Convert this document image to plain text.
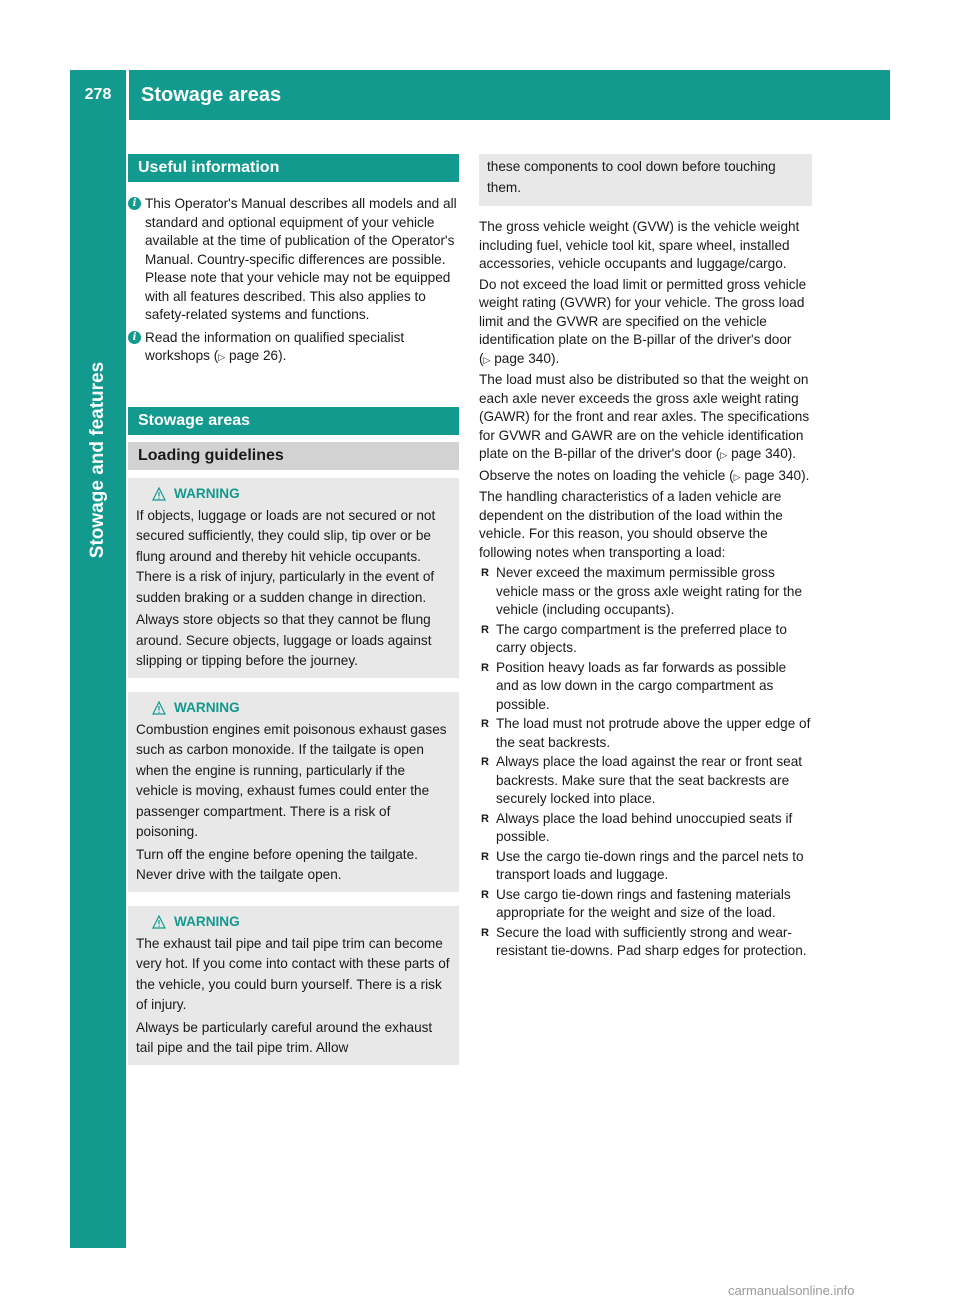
278	Stowage areas
Stowage and features
Useful information
i This Operator's Manual describes all models and all standard and optional equipment of your vehicle available at the time of publication of the Operator's Manual. Country-specific differences are possible. Please note that your vehicle may not be equipped with all features described. This also applies to safety-related systems and functions.
i Read the information on qualified specialist workshops (▷ page 26).
Stowage areas
Loading guidelines
WARNING

If objects, luggage or loads are not secured or not secured sufficiently, they could slip, tip over or be flung around and thereby hit vehicle occupants. There is a risk of injury, particularly in the event of sudden braking or a sudden change in direction.

Always store objects so that they cannot be flung around. Secure objects, luggage or loads against slipping or tipping before the journey.

WARNING

Combustion engines emit poisonous exhaust gases such as carbon monoxide. If the tailgate is open when the engine is running, particularly if the vehicle is moving, exhaust fumes could enter the passenger compartment. There is a risk of poisoning.

Turn off the engine before opening the tailgate. Never drive with the tailgate open.

WARNING

The exhaust tail pipe and tail pipe trim can become very hot. If you come into contact with these parts of the vehicle, you could burn yourself. There is a risk of injury.

Always be particularly careful around the exhaust tail pipe and the tail pipe trim. Allow

these components to cool down before touching them.

The gross vehicle weight (GVW) is the vehicle weight including fuel, vehicle tool kit, spare wheel, installed accessories, vehicle occupants and luggage/cargo.

Do not exceed the load limit or permitted gross vehicle weight rating (GVWR) for your vehicle. The gross load limit and the GVWR are specified on the vehicle identification plate on the B-pillar of the driver's door (▷ page 340).

The load must also be distributed so that the weight on each axle never exceeds the gross axle weight rating (GAWR) for the front and rear axles. The specifications for GVWR and GAWR are on the vehicle identification plate on the B-pillar of the driver's door (▷ page 340).

Observe the notes on loading the vehicle (▷ page 340).

The handling characteristics of a laden vehicle are dependent on the distribution of the load within the vehicle. For this reason, you should observe the following notes when transporting a load:

R Never exceed the maximum permissible gross vehicle mass or the gross axle weight rating for the vehicle (including occupants).
R The cargo compartment is the preferred place to carry objects.
R Position heavy loads as far forwards as possible and as low down in the cargo compartment as possible.
R The load must not protrude above the upper edge of the seat backrests.
R Always place the load against the rear or front seat backrests. Make sure that the seat backrests are securely locked into place.
R Always place the load behind unoccupied seats if possible.
R Use the cargo tie-down rings and the parcel nets to transport loads and luggage.
R Use cargo tie-down rings and fastening materials appropriate for the weight and size of the load.
R Secure the load with sufficiently strong and wear-resistant tie-downs. Pad sharp edges for protection.
carmanualsonline.info
